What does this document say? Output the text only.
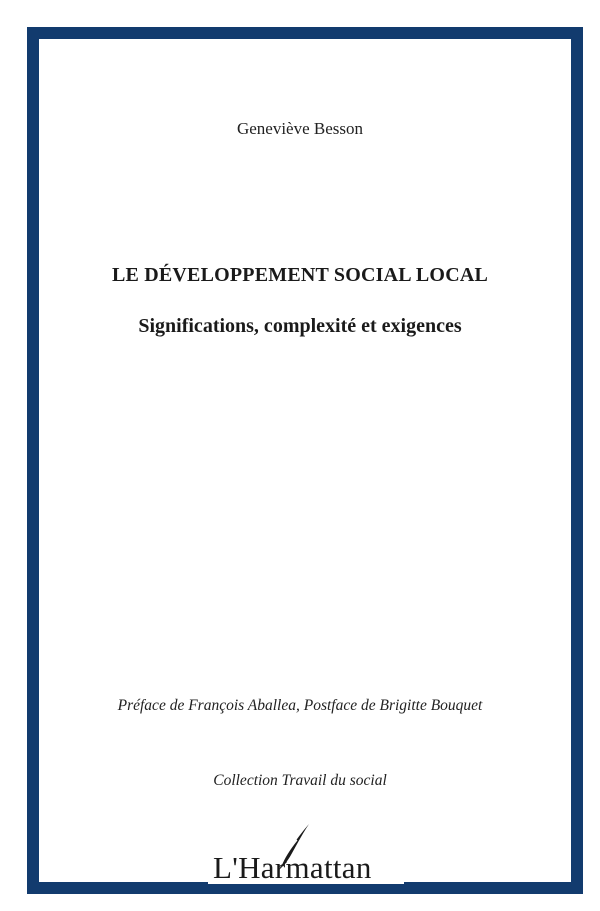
Geneviève Besson
LE DÉVELOPPEMENT SOCIAL LOCAL
Significations, complexité et exigences
Préface de François Aballea, Postface de Brigitte Bouquet
Collection Travail du social
L'Harmattan
